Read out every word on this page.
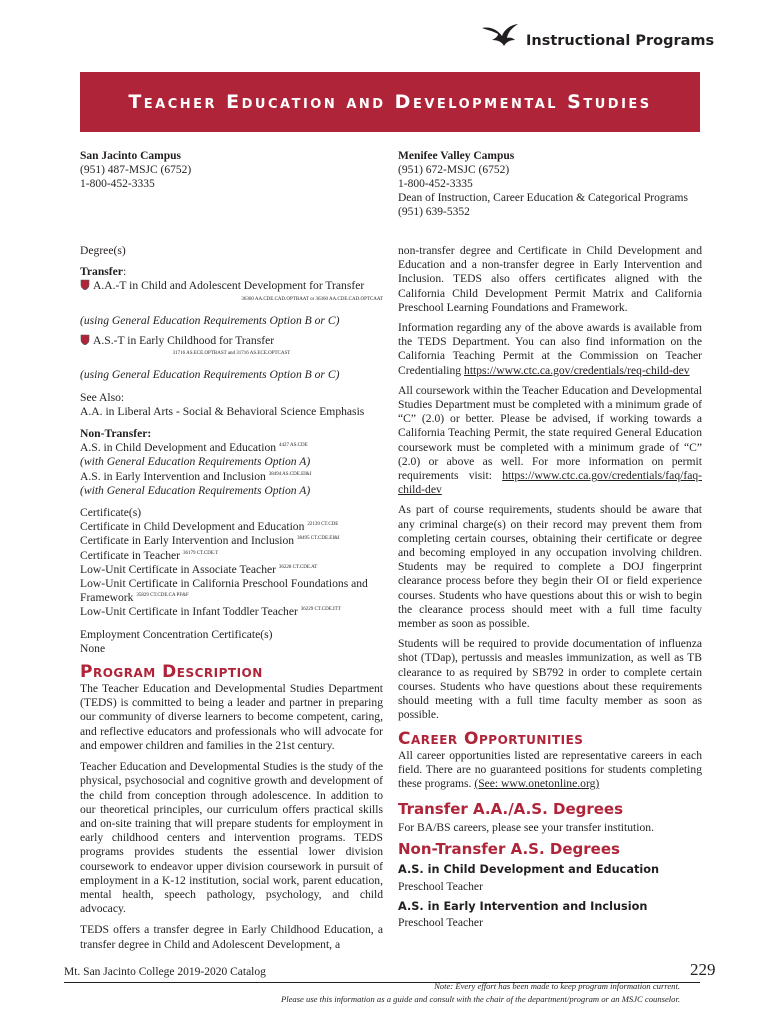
Instructional Programs
Teacher Education and Developmental Studies
San Jacinto Campus
(951) 487-MSJC (6752)
1-800-452-3335
Menifee Valley Campus
(951) 672-MSJC (6752)
1-800-452-3335
Dean of Instruction, Career Education & Categorical Programs
(951) 639-5352

Degree(s)

Transfer:

A.A.-T in Child and Adolescent Development for Transfer

36360 AA.CDE.CAD.OPTBAAT or 36360 AA.CDE.CAD.OPTCAAT

(using General Education Requirements Option B or C)

A.S.-T in Early Childhood for Transfer

31716 AS.ECE.OPTBAST and 31716 AS.ECE.OPTCAST

(using General Education Requirements Option B or C)

See Also:

A.A. in Liberal Arts - Social & Behavioral Science Emphasis

Non-Transfer:

A.S. in Child Development and Education $^{4427 AS.CDE}$

(with General Education Requirements Option A)

A.S. in Early Intervention and Inclusion $^{38494 AS.CDE.EI\&I}$

(with General Education Requirements Option A)

Certificate(s)

Certificate in Child Development and Education $^{22139 CT.CDE}$

Certificate in Early Intervention and Inclusion $^{38495 CT.CDE.EI\&I}$

Certificate in Teacher $^{36179 CT.CDE.T}$

Low-Unit Certificate in Associate Teacher $^{36228 CT.CDE.AT}$

Low-Unit Certificate in California Preschool Foundations and

Framework $^{35829 CT.CDE.CA PF\&F}$

Low-Unit Certificate in Infant Toddler Teacher $^{36229 CT.CDE.ITT}$

Employment Concentration Certificate(s)

None

Program Description

The Teacher Education and Developmental Studies Department (TEDS) is committed to being a leader and partner in preparing our community of diverse learners to become competent, caring, and reflective educators and professionals who will advocate for and empower children and families in the 21st century.

Teacher Education and Developmental Studies is the study of the physical, psychosocial and cognitive growth and development of the child from conception through adolescence. In addition to our theoretical principles, our curriculum offers practical skills and on-site training that will prepare students for employment in early childhood centers and intervention programs. TEDS programs provides students the essential lower division coursework to endeavor upper division coursework in pursuit of employment in a K-12 institution, social work, parent education, mental health, speech pathology, psychology, and child advocacy.

TEDS offers a transfer degree in Early Childhood Education, a transfer degree in Child and Adolescent Development, a

non-transfer degree and Certificate in Child Development and Education and a non-transfer degree in Early Intervention and Inclusion. TEDS also offers certificates aligned with the California Child Development Permit Matrix and California Preschool Learning Foundations and Framework.

Information regarding any of the above awards is available from the TEDS Department. You can also find information on the California Teaching Permit at the Commission on Teacher Credentialing https://www.ctc.ca.gov/credentials/req-child-dev

All coursework within the Teacher Education and Developmental Studies Department must be completed with a minimum grade of “C” (2.0) or better. Please be advised, if working towards a California Teaching Permit, the state required General Education coursework must be completed with a minimum grade of “C” (2.0) or above as well. For more information on permit requirements visit: https://www.ctc.ca.gov/credentials/faq/faq-child-dev

As part of course requirements, students should be aware that any criminal charge(s) on their record may prevent them from completing certain courses, obtaining their certificate or degree and becoming employed in any occupation involving children. Students may be required to complete a DOJ fingerprint clearance process before they begin their OI or field experience courses. Students who have questions about this or wish to begin the clearance process should meet with a full time faculty member as soon as possible.

Students will be required to provide documentation of influenza shot (TDap), pertussis and measles immunization, as well as TB clearance to as required by SB792 in order to complete certain courses. Students who have questions about these requirements should meeting with a full time faculty member as soon as possible.

Career Opportunities

All career opportunities listed are representative careers in each field. There are no guaranteed positions for students completing these programs. (See: www.onetonline.org)

Transfer A.A./A.S. Degrees

For BA/BS careers, please see your transfer institution.

Non-Transfer A.S. Degrees
A.S. in Child Development and Education

Preschool Teacher

A.S. in Early Intervention and Inclusion

Preschool Teacher

Mt. San Jacinto College 2019-2020 Catalog	229
Note: Every effort has been made to keep program information current.
Please use this information as a guide and consult with the chair of the department/program or an MSJC counselor.
